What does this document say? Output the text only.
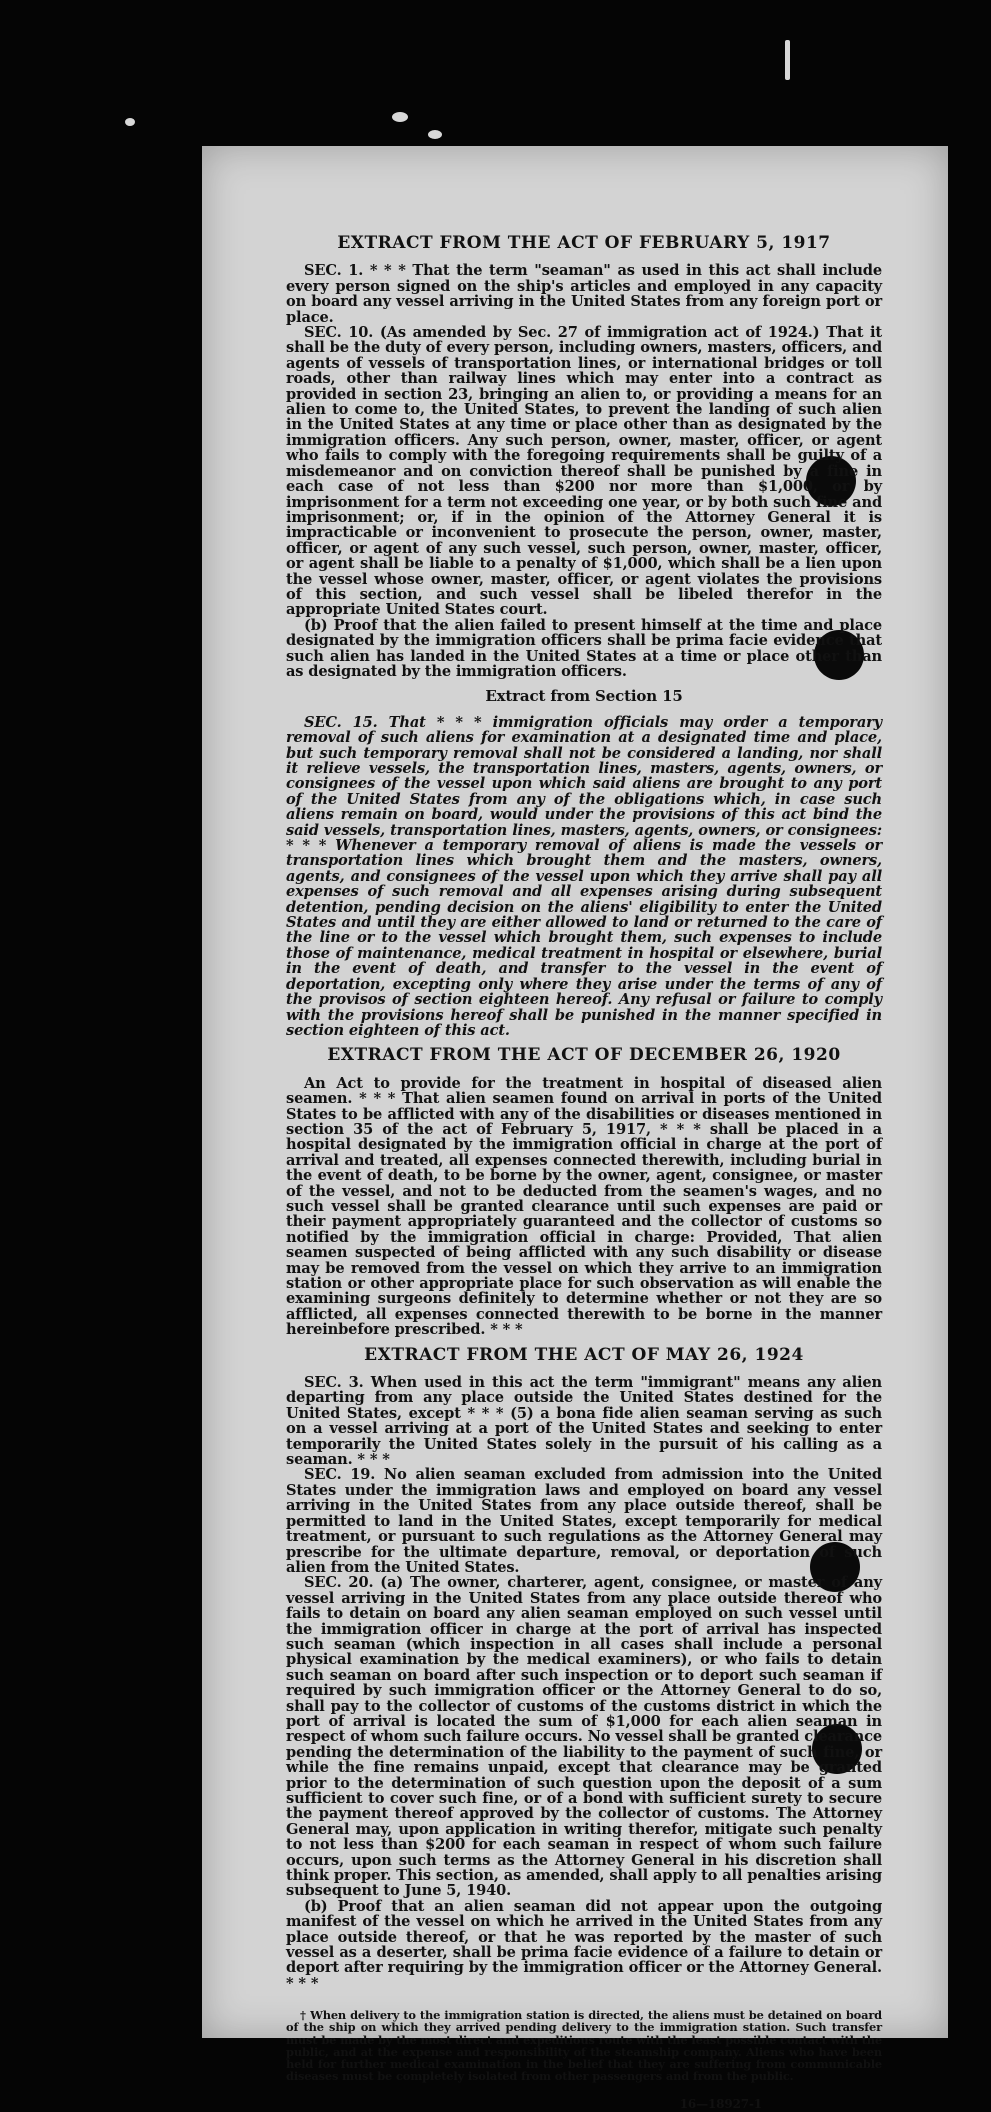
EXTRACT FROM THE ACT OF FEBRUARY 5, 1917

SEC. 1. * * * That the term "seaman" as used in this act shall include every person signed on the ship's articles and employed in any capacity on board any vessel arriving in the United States from any foreign port or place.

SEC. 10. (As amended by Sec. 27 of immigration act of 1924.) That it shall be the duty of every person, including owners, masters, officers, and agents of vessels of transportation lines, or international bridges or toll roads, other than railway lines which may enter into a contract as provided in section 23, bringing an alien to, or providing a means for an alien to come to, the United States, to prevent the landing of such alien in the United States at any time or place other than as designated by the immigration officers. Any such person, owner, master, officer, or agent who fails to comply with the foregoing requirements shall be guilty of a misdemeanor and on conviction thereof shall be punished by a fine in each case of not less than $200 nor more than $1,000, or by imprisonment for a term not exceeding one year, or by both such fine and imprisonment; or, if in the opinion of the Attorney General it is impracticable or inconvenient to prosecute the person, owner, master, officer, or agent of any such vessel, such person, owner, master, officer, or agent shall be liable to a penalty of $1,000, which shall be a lien upon the vessel whose owner, master, officer, or agent violates the provisions of this section, and such vessel shall be libeled therefor in the appropriate United States court.

(b) Proof that the alien failed to present himself at the time and place designated by the immigration officers shall be prima facie evidence that such alien has landed in the United States at a time or place other than as designated by the immigration officers.

Extract from Section 15

SEC. 15. That * * * immigration officials may order a temporary removal of such aliens for examination at a designated time and place, but such temporary removal shall not be considered a landing, nor shall it relieve vessels, the transportation lines, masters, agents, owners, or consignees of the vessel upon which said aliens are brought to any port of the United States from any of the obligations which, in case such aliens remain on board, would under the provisions of this act bind the said vessels, transportation lines, masters, agents, owners, or consignees: * * * Whenever a temporary removal of aliens is made the vessels or transportation lines which brought them and the masters, owners, agents, and consignees of the vessel upon which they arrive shall pay all expenses of such removal and all expenses arising during subsequent detention, pending decision on the aliens' eligibility to enter the United States and until they are either allowed to land or returned to the care of the line or to the vessel which brought them, such expenses to include those of maintenance, medical treatment in hospital or elsewhere, burial in the event of death, and transfer to the vessel in the event of deportation, excepting only where they arise under the terms of any of the provisos of section eighteen hereof. Any refusal or failure to comply with the provisions hereof shall be punished in the manner specified in section eighteen of this act.

EXTRACT FROM THE ACT OF DECEMBER 26, 1920

An Act to provide for the treatment in hospital of diseased alien seamen. * * * That alien seamen found on arrival in ports of the United States to be afflicted with any of the disabilities or diseases mentioned in section 35 of the act of February 5, 1917, * * * shall be placed in a hospital designated by the immigration official in charge at the port of arrival and treated, all expenses connected therewith, including burial in the event of death, to be borne by the owner, agent, consignee, or master of the vessel, and not to be deducted from the seamen's wages, and no such vessel shall be granted clearance until such expenses are paid or their payment appropriately guaranteed and the collector of customs so notified by the immigration official in charge: Provided, That alien seamen suspected of being afflicted with any such disability or disease may be removed from the vessel on which they arrive to an immigration station or other appropriate place for such observation as will enable the examining surgeons definitely to determine whether or not they are so afflicted, all expenses connected therewith to be borne in the manner hereinbefore prescribed. * * *

EXTRACT FROM THE ACT OF MAY 26, 1924

SEC. 3. When used in this act the term "immigrant" means any alien departing from any place outside the United States destined for the United States, except * * * (5) a bona fide alien seaman serving as such on a vessel arriving at a port of the United States and seeking to enter temporarily the United States solely in the pursuit of his calling as a seaman. * * *

SEC. 19. No alien seaman excluded from admission into the United States under the immigration laws and employed on board any vessel arriving in the United States from any place outside thereof, shall be permitted to land in the United States, except temporarily for medical treatment, or pursuant to such regulations as the Attorney General may prescribe for the ultimate departure, removal, or deportation of such alien from the United States.

SEC. 20. (a) The owner, charterer, agent, consignee, or master of any vessel arriving in the United States from any place outside thereof who fails to detain on board any alien seaman employed on such vessel until the immigration officer in charge at the port of arrival has inspected such seaman (which inspection in all cases shall include a personal physical examination by the medical examiners), or who fails to detain such seaman on board after such inspection or to deport such seaman if required by such immigration officer or the Attorney General to do so, shall pay to the collector of customs of the customs district in which the port of arrival is located the sum of $1,000 for each alien seaman in respect of whom such failure occurs. No vessel shall be granted clearance pending the determination of the liability to the payment of such fine, or while the fine remains unpaid, except that clearance may be granted prior to the determination of such question upon the deposit of a sum sufficient to cover such fine, or of a bond with sufficient surety to secure the payment thereof approved by the collector of customs. The Attorney General may, upon application in writing therefor, mitigate such penalty to not less than $200 for each seaman in respect of whom such failure occurs, upon such terms as the Attorney General in his discretion shall think proper. This section, as amended, shall apply to all penalties arising subsequent to June 5, 1940.

(b) Proof that an alien seaman did not appear upon the outgoing manifest of the vessel on which he arrived in the United States from any place outside thereof, or that he was reported by the master of such vessel as a deserter, shall be prima facie evidence of a failure to detain or deport after requiring by the immigration officer or the Attorney General. * * *

† When delivery to the immigration station is directed, the aliens must be detained on board of the ship on which they arrived pending delivery to the immigration station. Such transfer must be made by the most direct and expeditious route with the least possible contact with the public, and at the expense and responsibility of the steamship company. Aliens who have been held for further medical examination in the belief that they are suffering from communicable diseases must be completely isolated from other passengers and from the public.

16—18927-1
